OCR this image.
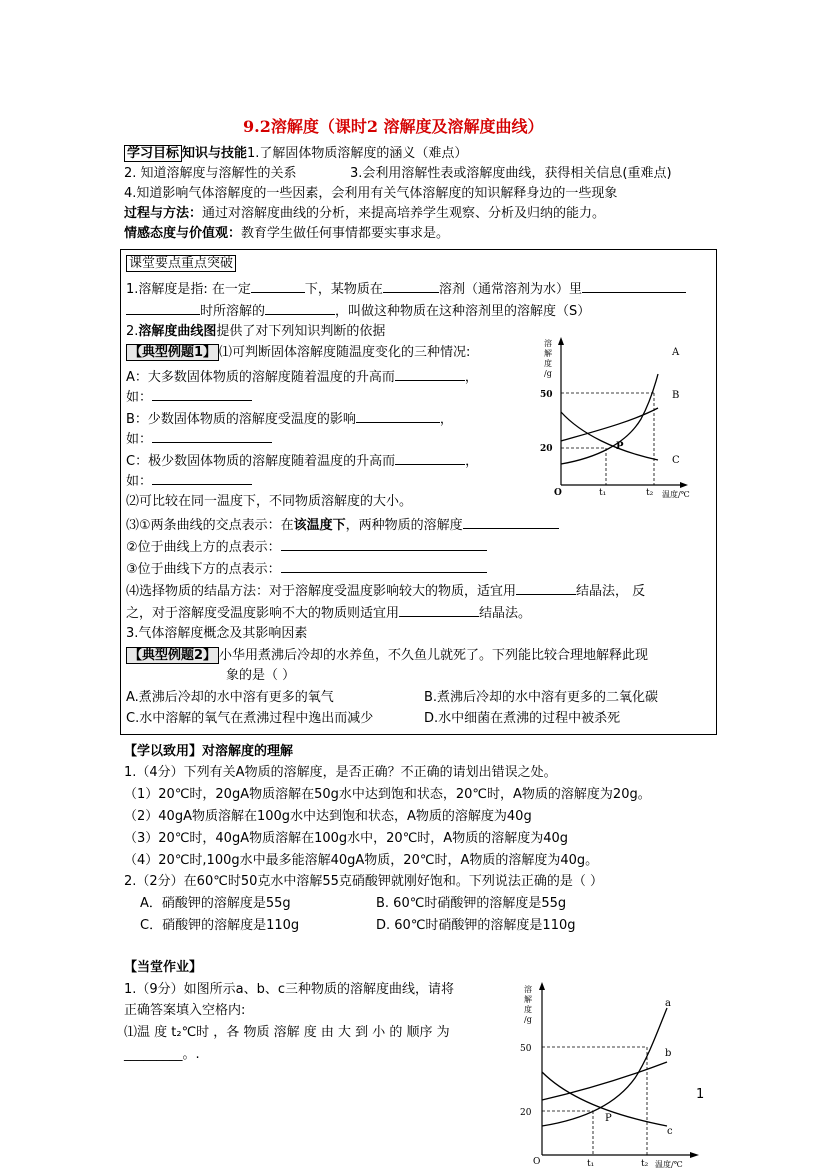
9.2溶解度（课时2 溶解度及溶解度曲线）
学习目标 知识与技能1.了解固体物质溶解度的涵义（难点）
2. 知道溶解度与溶解性的关系	3.会利用溶解性表或溶解度曲线，获得相关信息(重难点)
4.知道影响气体溶解度的一些因素，会利用有关气体溶解度的知识解释身边的一些现象
过程与方法：通过对溶解度曲线的分析，来提高培养学生观察、分析及归纳的能力。
情感态度与价值观：教育学生做任何事情都要实事求是。
课堂要点重点突破
1.溶解度是指: 在一定	下，某物质在	溶剂（通常溶剂为水）里
时所溶解的	，叫做这种物质在这种溶剂里的溶解度（S）
2.溶解度曲线图提供了对下列知识判断的依据
【典型例题1】 ⑴可判断固体溶解度随温度变化的三种情况:
A：大多数固体物质的溶解度随着温度的升高而	，
如：
B：少数固体物质的溶解度受温度的影响	，
如：
C：极少数固体物质的溶解度随着温度的升高而	，
如：
⑵可比较在同一温度下，不同物质溶解度的大小。
⑶①两条曲线的交点表示：在该温度下，两种物质的溶解度
②位于曲线上方的点表示：
③位于曲线下方的点表示：
⑷选择物质的结晶方法：对于溶解度受温度影响较大的物质，适宜用	结晶法， 反
之，对于溶解度受温度影响不大的物质则适宜用	结晶法。
3.气体溶解度概念及其影响因素
【典型例题2】 小华用煮沸后冷却的水养鱼，不久鱼儿就死了。下列能比较合理地解释此现
象的是（ ）
A.煮沸后冷却的水中溶有更多的氧气	B.煮沸后冷却的水中溶有更多的二氧化碳
C.水中溶解的氧气在煮沸过程中逸出而减少	D.水中细菌在煮沸的过程中被杀死
溶
解
度
/g
50
20
O	t₁	t₂ 温度/℃
A
B
C
P
【学以致用】对溶解度的理解
1.（4分）下列有关A物质的溶解度，是否正确？不正确的请划出错误之处。
（1）20℃时，20gA物质溶解在50g水中达到饱和状态，20℃时，A物质的溶解度为20g。
（2）40gA物质溶解在100g水中达到饱和状态，A物质的溶解度为40g
（3）20℃时，40gA物质溶解在100g水中，20℃时，A物质的溶解度为40g
（4）20℃时,100g水中最多能溶解40gA物质，20℃时，A物质的溶解度为40g。
2.（2分）在60℃时50克水中溶解55克硝酸钾就刚好饱和。下列说法正确的是（ ）
A．硝酸钾的溶解度是55g	B. 60℃时硝酸钾的溶解度是55g
C．硝酸钾的溶解度是110g	D. 60℃时硝酸钾的溶解度是110g
【当堂作业】
1.（9分）如图所示a、b、c三种物质的溶解度曲线，请将
正确答案填入空格内:
⑴温 度 t₂℃时 ，各 物质 溶解 度 由 大 到 小 的 顺序 为
_________。.
1
溶
解
度
/g
50
20
O	t₁	t₂ 温度/℃
a
b
c
P
